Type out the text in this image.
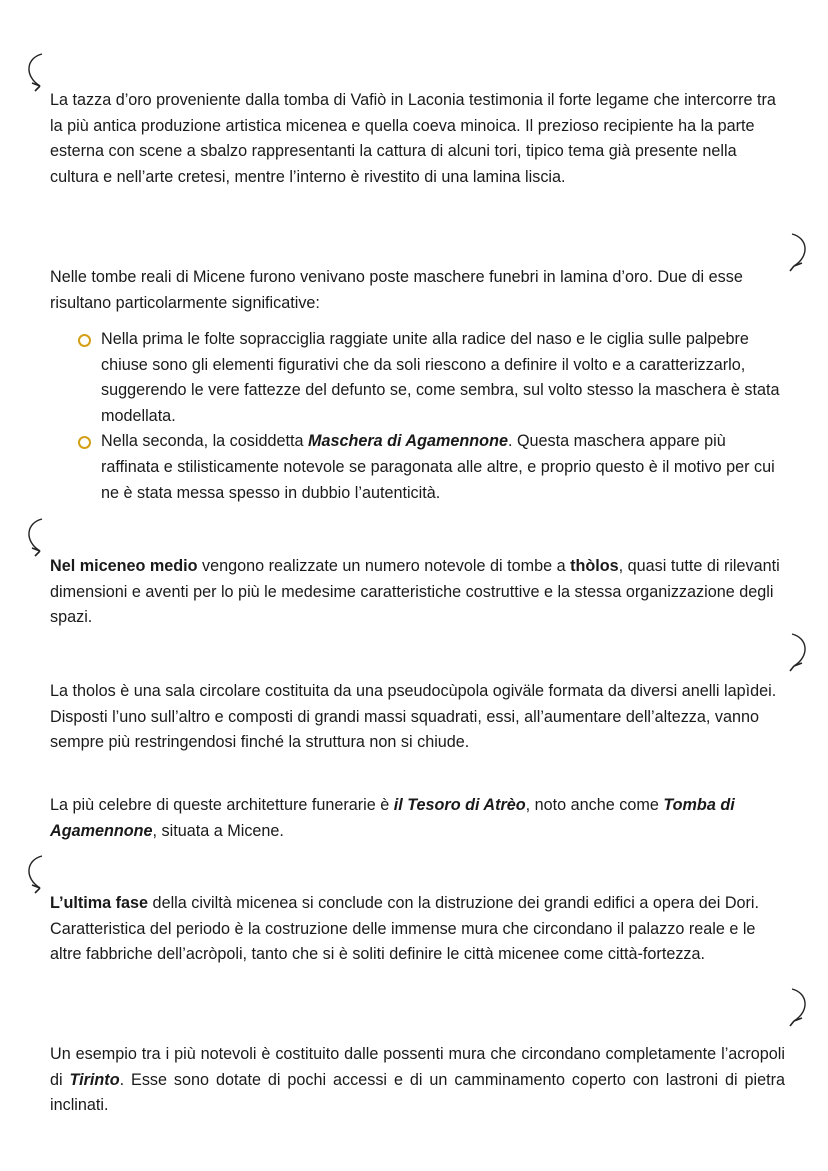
La tazza d’oro proveniente dalla tomba di Vafiò in Laconia testimonia il forte legame che intercorre tra la più antica produzione artistica micenea e quella coeva minoica. Il prezioso recipiente ha la parte esterna con scene a sbalzo rappresentanti la cattura di alcuni tori, tipico tema già presente nella cultura e nell’arte cretesi, mentre l’interno è rivestito di una lamina liscia.

Nelle tombe reali di Micene furono venivano poste maschere funebri in lamina d’oro. Due di esse risultano particolarmente significative:

Nella prima le folte sopracciglia raggiate unite alla radice del naso e le ciglia sulle palpebre chiuse sono gli elementi figurativi che da soli riescono a definire il volto e a caratterizzarlo, suggerendo le vere fattezze del defunto se, come sembra, sul volto stesso la maschera è stata modellata.
Nella seconda, la cosiddetta Maschera di Agamennone. Questa maschera appare più raffinata e stilisticamente notevole se paragonata alle altre, e proprio questo è il motivo per cui ne è stata messa spesso in dubbio l’autenticità.

Nel miceneo medio vengono realizzate un numero notevole di tombe a thòlos, quasi tutte di rilevanti dimensioni e aventi per lo più le medesime caratteristiche costruttive e la stessa organizzazione degli spazi.

La tholos è una sala circolare costituita da una pseudocùpola ogiväle formata da diversi anelli lapìdei. Disposti l’uno sull’altro e composti di grandi massi squadrati, essi, all’aumentare dell’altezza, vanno sempre più restringendosi finché la struttura non si chiude.

La più celebre di queste architetture funerarie è il Tesoro di Atrèo, noto anche come Tomba di Agamennone, situata a Micene.

L’ultima fase della civiltà micenea si conclude con la distruzione dei grandi edifici a opera dei Dori. Caratteristica del periodo è la costruzione delle immense mura che circondano il palazzo reale e le altre fabbriche dell’acròpoli, tanto che si è soliti definire le città micenee come città-fortezza.

Un esempio tra i più notevoli è costituito dalle possenti mura che circondano completamente l’acropoli di Tirinto. Esse sono dotate di pochi accessi e di un camminamento coperto con lastroni di pietra inclinati.
